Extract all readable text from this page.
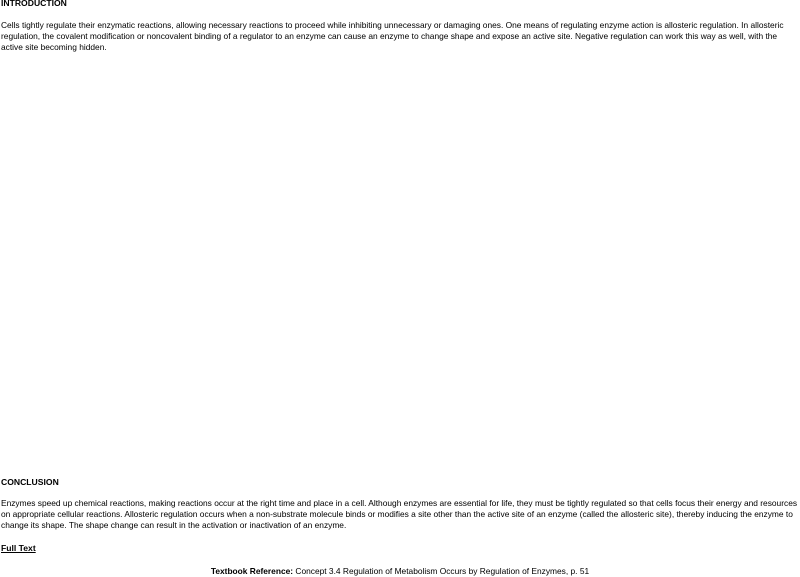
INTRODUCTION

Cells tightly regulate their enzymatic reactions, allowing necessary reactions to proceed while inhibiting unnecessary or damaging ones. One means of regulating enzyme action is allosteric regulation. In allosteric regulation, the covalent modification or noncovalent binding of a regulator to an enzyme can cause an enzyme to change shape and expose an active site. Negative regulation can work this way as well, with the active site becoming hidden.

CONCLUSION

Enzymes speed up chemical reactions, making reactions occur at the right time and place in a cell. Although enzymes are essential for life, they must be tightly regulated so that cells focus their energy and resources on appropriate cellular reactions. Allosteric regulation occurs when a non-substrate molecule binds or modifies a site other than the active site of an enzyme (called the allosteric site), thereby inducing the enzyme to change its shape. The shape change can result in the activation or inactivation of an enzyme.

Full Text
Textbook Reference: Concept 3.4 Regulation of Metabolism Occurs by Regulation of Enzymes, p. 51
